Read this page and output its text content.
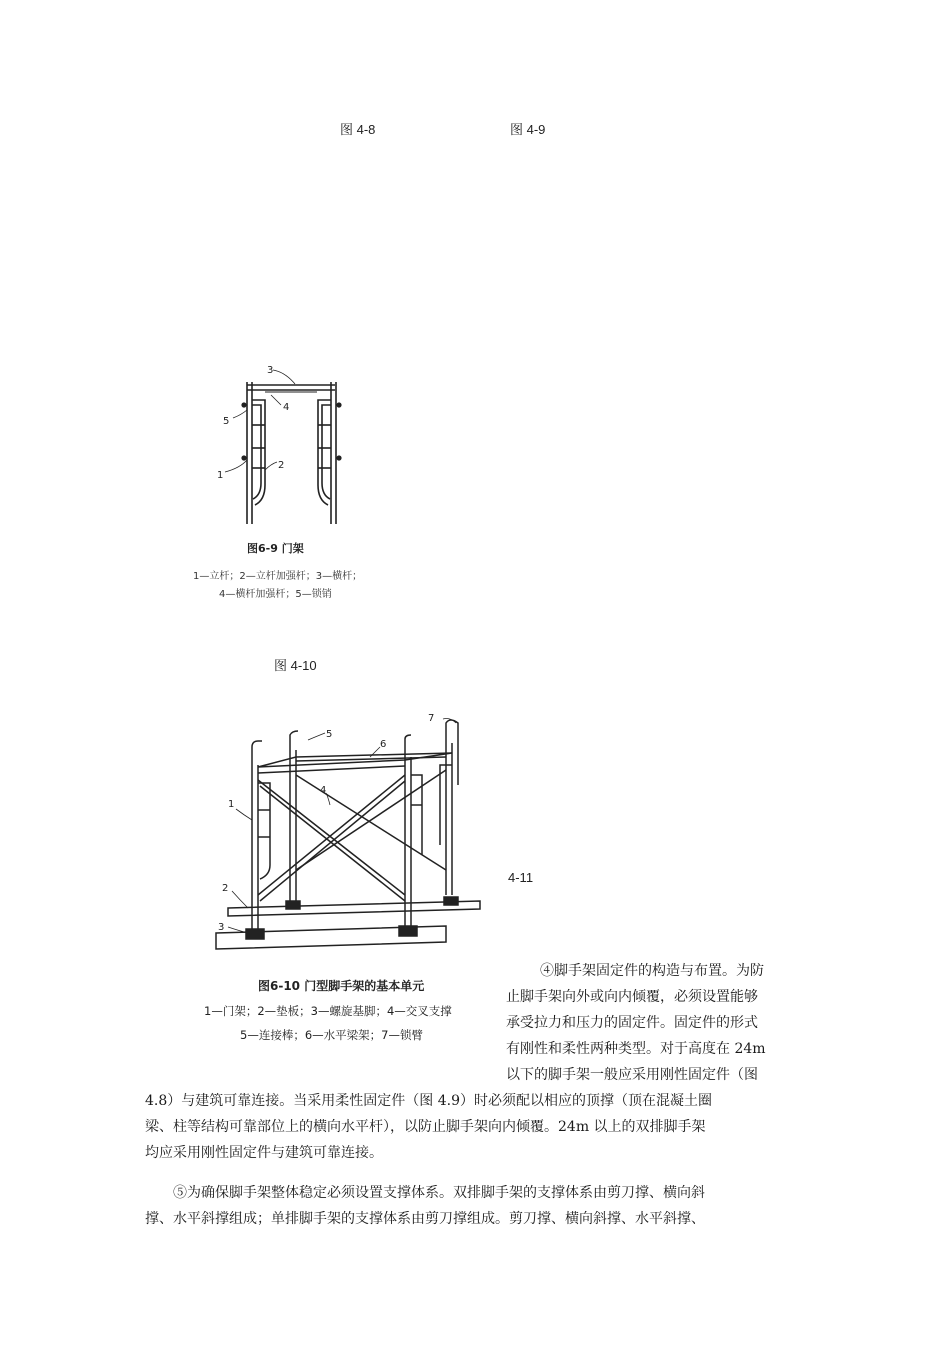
图 4-8	图 4-9
3
4
5
1
2
图6-9 门架
1—立杆；2—立杆加强杆；3—横杆；
4—横杆加强杆；5—锁销
图 4-10
5
6
7
4
1
2
3
图6-10 门型脚手架的基本单元
1—门架；2—垫板；3—螺旋基脚；4—交叉支撑
5—连接棒；6—水平梁架；7—锁臂
4-11
④脚手架固定件的构造与布置。为防
止脚手架向外或向内倾覆，必须设置能够
承受拉力和压力的固定件。固定件的形式
有刚性和柔性两种类型。对于高度在 24m
以下的脚手架一般应采用刚性固定件（图
4.8）与建筑可靠连接。当采用柔性固定件（图 4.9）时必须配以相应的顶撑（顶在混凝土圈
梁、柱等结构可靠部位上的横向水平杆），以防止脚手架向内倾覆。24m 以上的双排脚手架
均应采用刚性固定件与建筑可靠连接。
⑤为确保脚手架整体稳定必须设置支撑体系。双排脚手架的支撑体系由剪刀撑、横向斜
撑、水平斜撑组成；单排脚手架的支撑体系由剪刀撑组成。剪刀撑、横向斜撑、水平斜撑、
